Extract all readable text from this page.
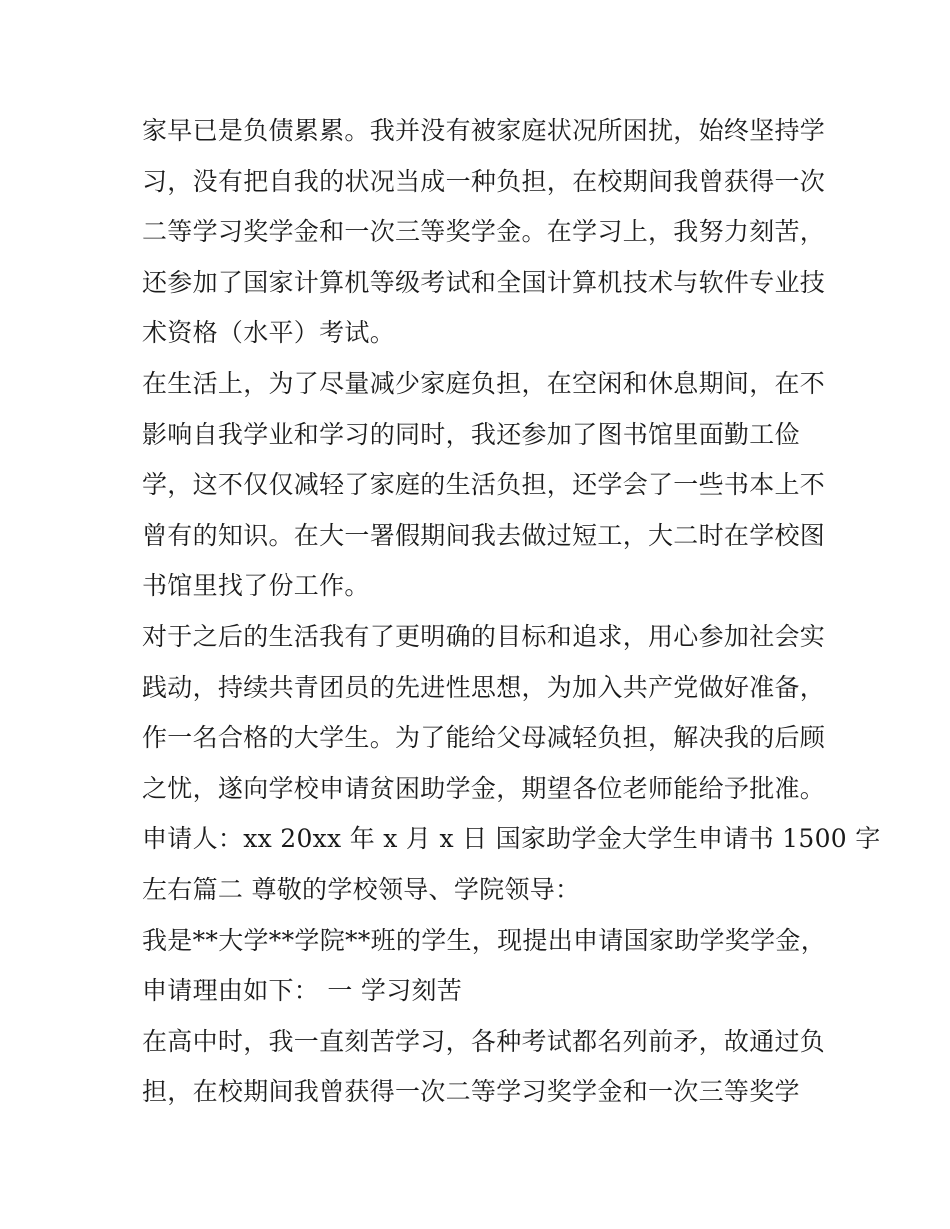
家早已是负债累累。我并没有被家庭状况所困扰，始终坚持学
习，没有把自我的状况当成一种负担，在校期间我曾获得一次
二等学习奖学金和一次三等奖学金。在学习上，我努力刻苦，
还参加了国家计算机等级考试和全国计算机技术与软件专业技
术资格（水平）考试。
在生活上，为了尽量减少家庭负担，在空闲和休息期间，在不
影响自我学业和学习的同时，我还参加了图书馆里面勤工俭
学，这不仅仅减轻了家庭的生活负担，还学会了一些书本上不
曾有的知识。在大一署假期间我去做过短工，大二时在学校图
书馆里找了份工作。
对于之后的生活我有了更明确的目标和追求，用心参加社会实
践动，持续共青团员的先进性思想，为加入共产党做好准备，
作一名合格的大学生。为了能给父母减轻负担，解决我的后顾
之忧，遂向学校申请贫困助学金，期望各位老师能给予批准。
申请人：xx 20xx 年 x 月 x 日 国家助学金大学生申请书 1500 字
左右篇二 尊敬的学校领导、学院领导：
我是**大学**学院**班的学生，现提出申请国家助学奖学金，
申请理由如下： 一 学习刻苦
在高中时，我一直刻苦学习，各种考试都名列前矛，故通过负
担，在校期间我曾获得一次二等学习奖学金和一次三等奖学
